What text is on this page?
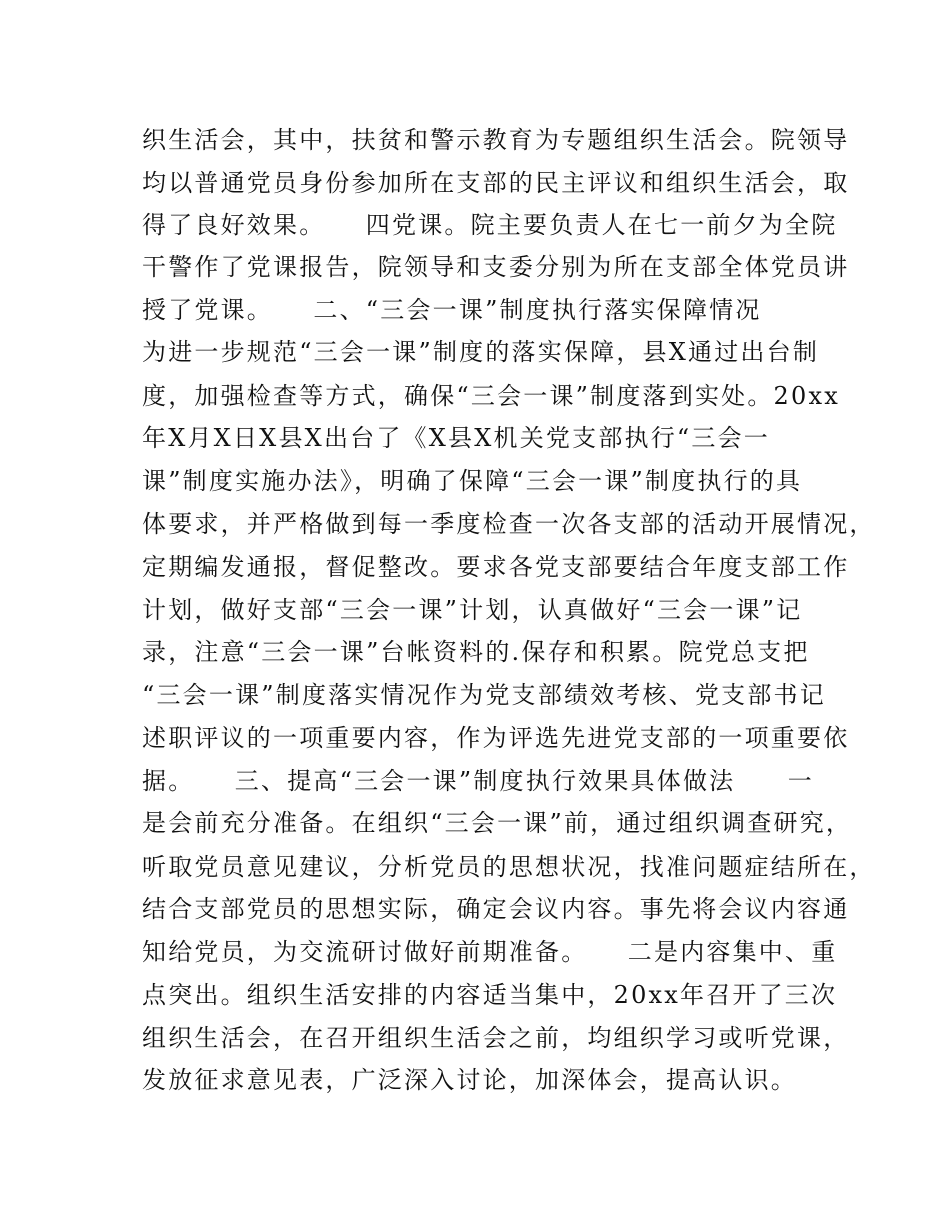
织生活会，其中，扶贫和警示教育为专题组织生活会。院领导
均以普通党员身份参加所在支部的民主评议和组织生活会，取
得了良好效果。　　四党课。院主要负责人在七一前夕为全院
干警作了党课报告，院领导和支委分别为所在支部全体党员讲
授了党课。　　二、“三会一课”制度执行落实保障情况
为进一步规范“三会一课”制度的落实保障，县X通过出台制
度，加强检查等方式，确保“三会一课”制度落到实处。20xx
年X月X日X县X出台了《X县X机关党支部执行“三会一
课”制度实施办法》，明确了保障“三会一课”制度执行的具
体要求，并严格做到每一季度检查一次各支部的活动开展情况，
定期编发通报，督促整改。要求各党支部要结合年度支部工作
计划，做好支部“三会一课”计划，认真做好“三会一课”记
录，注意“三会一课”台帐资料的.保存和积累。院党总支把
“三会一课”制度落实情况作为党支部绩效考核、党支部书记
述职评议的一项重要内容，作为评选先进党支部的一项重要依
据。　　三、提高“三会一课”制度执行效果具体做法　　一
是会前充分准备。在组织“三会一课”前，通过组织调查研究，
听取党员意见建议，分析党员的思想状况，找准问题症结所在，
结合支部党员的思想实际，确定会议内容。事先将会议内容通
知给党员，为交流研讨做好前期准备。　　二是内容集中、重
点突出。组织生活安排的内容适当集中，20xx年召开了三次
组织生活会，在召开组织生活会之前，均组织学习或听党课，
发放征求意见表，广泛深入讨论，加深体会，提高认识。
